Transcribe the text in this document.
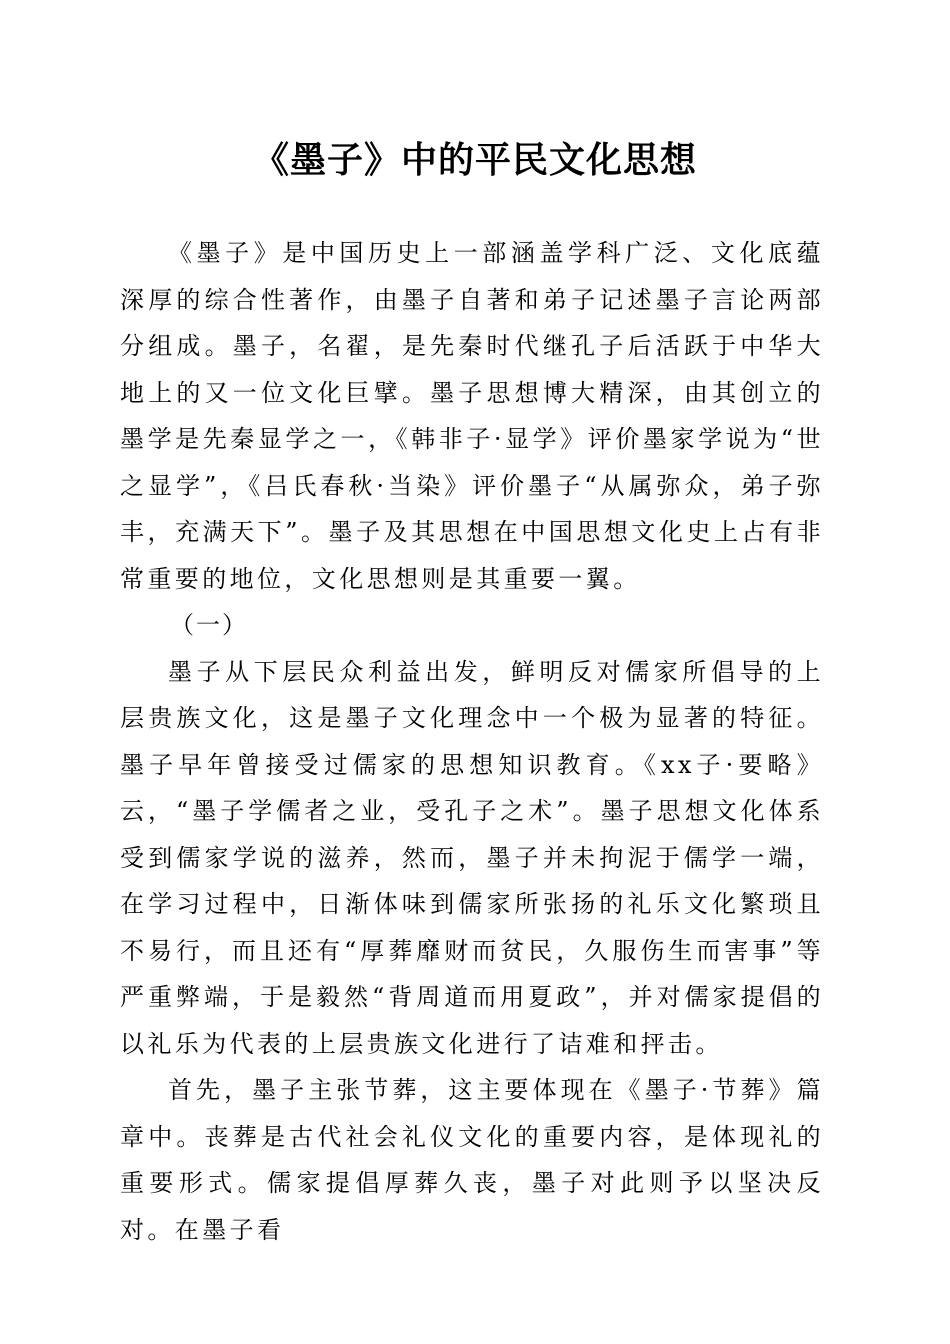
《墨子》中的平民文化思想

《墨子》是中国历史上一部涵盖学科广泛、文化底蕴深厚的综合性著作，由墨子自著和弟子记述墨子言论两部分组成。墨子，名翟，是先秦时代继孔子后活跃于中华大地上的又一位文化巨擘。墨子思想博大精深，由其创立的墨学是先秦显学之一，《韩非子·显学》评价墨家学说为“世之显学”，《吕氏春秋·当染》评价墨子“从属弥众，弟子弥丰，充满天下”。墨子及其思想在中国思想文化史上占有非常重要的地位，文化思想则是其重要一翼。

（一）

墨子从下层民众利益出发，鲜明反对儒家所倡导的上层贵族文化，这是墨子文化理念中一个极为显著的特征。墨子早年曾接受过儒家的思想知识教育。《xx子·要略》云，“墨子学儒者之业，受孔子之术”。墨子思想文化体系受到儒家学说的滋养，然而，墨子并未拘泥于儒学一端，在学习过程中，日渐体味到儒家所张扬的礼乐文化繁琐且不易行，而且还有“厚葬靡财而贫民，久服伤生而害事”等严重弊端，于是毅然“背周道而用夏政”，并对儒家提倡的以礼乐为代表的上层贵族文化进行了诘难和抨击。

首先，墨子主张节葬，这主要体现在《墨子·节葬》篇章中。丧葬是古代社会礼仪文化的重要内容，是体现礼的重要形式。儒家提倡厚葬久丧，墨子对此则予以坚决反对。在墨子看
